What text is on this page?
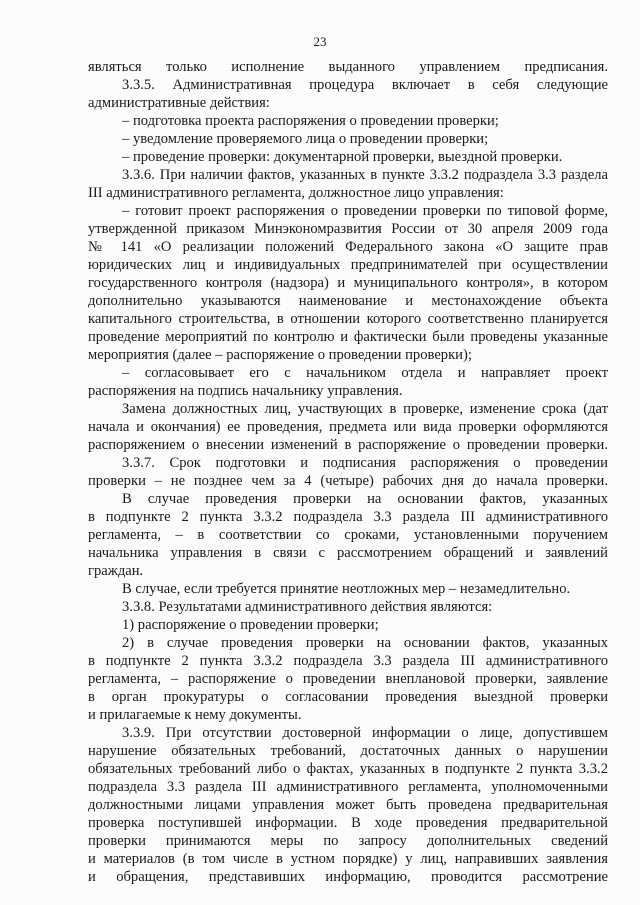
23
являться только исполнение выданного управлением предписания.
3.3.5. Административная процедура включает в себя следующие
административные действия:
– подготовка проекта распоряжения о проведении проверки;
– уведомление проверяемого лица о проведении проверки;
– проведение проверки: документарной проверки, выездной проверки.
3.3.6. При наличии фактов, указанных в пункте 3.3.2 подраздела 3.3 раздела
III административного регламента, должностное лицо управления:
– готовит проект распоряжения о проведении проверки по типовой форме,
утвержденной приказом Минэкономразвития России от 30 апреля 2009 года
№ 141 «О реализации положений Федерального закона «О защите прав
юридических лиц и индивидуальных предпринимателей при осуществлении
государственного контроля (надзора) и муниципального контроля», в котором
дополнительно указываются наименование и местонахождение объекта
капитального строительства, в отношении которого соответственно планируется
проведение мероприятий по контролю и фактически были проведены указанные
мероприятия (далее – распоряжение о проведении проверки);
– согласовывает его с начальником отдела и направляет проект
распоряжения на подпись начальнику управления.
Замена должностных лиц, участвующих в проверке, изменение срока (дат
начала и окончания) ее проведения, предмета или вида проверки оформляются
распоряжением о внесении изменений в распоряжение о проведении проверки.
3.3.7. Срок подготовки и подписания распоряжения о проведении
проверки – не позднее чем за 4 (четыре) рабочих дня до начала проверки.
В случае проведения проверки на основании фактов, указанных
в подпункте 2 пункта 3.3.2 подраздела 3.3 раздела III административного
регламента, – в соответствии со сроками, установленными поручением
начальника управления в связи с рассмотрением обращений и заявлений
граждан.
В случае, если требуется принятие неотложных мер – незамедлительно.
3.3.8. Результатами административного действия являются:
1) распоряжение о проведении проверки;
2) в случае проведения проверки на основании фактов, указанных
в подпункте 2 пункта 3.3.2 подраздела 3.3 раздела III административного
регламента, – распоряжение о проведении внеплановой проверки, заявление
в орган прокуратуры о согласовании проведения выездной проверки
и прилагаемые к нему документы.
3.3.9. При отсутствии достоверной информации о лице, допустившем
нарушение обязательных требований, достаточных данных о нарушении
обязательных требований либо о фактах, указанных в подпункте 2 пункта 3.3.2
подраздела 3.3 раздела III административного регламента, уполномоченными
должностными лицами управления может быть проведена предварительная
проверка поступившей информации. В ходе проведения предварительной
проверки принимаются меры по запросу дополнительных сведений
и материалов (в том числе в устном порядке) у лиц, направивших заявления
и обращения, представивших информацию, проводится рассмотрение
